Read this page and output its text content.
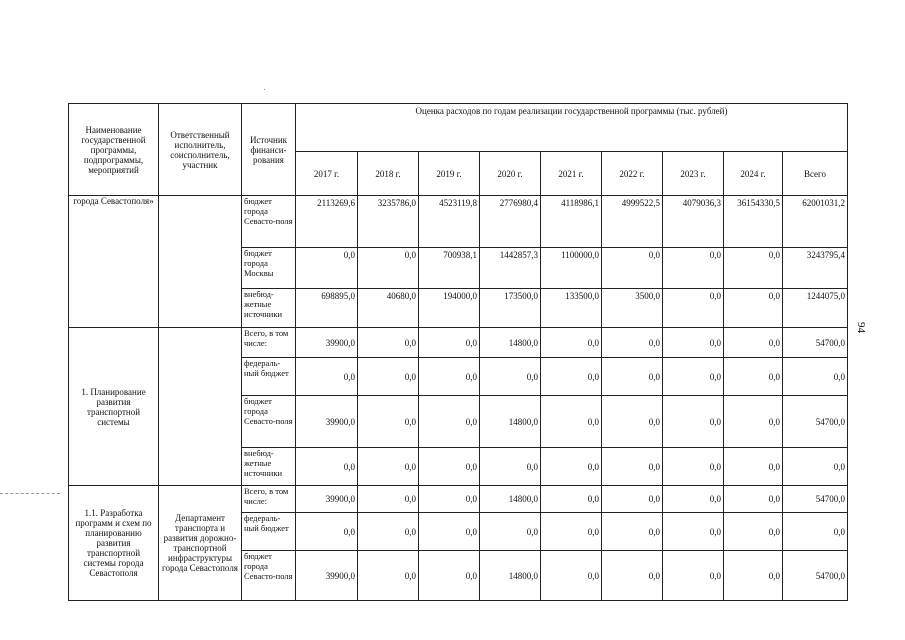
94
Наименование государственной программы, подпрограммы, мероприятий	Ответственный исполнитель, соисполнитель, участник	Источник финанси-рования	Оценка расходов по годам реализации государственной программы (тыс. рублей)								
			2017 г.	2018 г.	2019 г.	2020 г.	2021 г.	2022 г.	2023 г.	2024 г.	Всего
города Севастополя»		бюджет города Севасто-поля	2113269,6	3235786,0	4523119,8	2776980,4	4118986,1	4999522,5	4079036,3	36154330,5	62001031,2
		бюджет города Москвы	0,0	0,0	700938,1	1442857,3	1100000,0	0,0	0,0	0,0	3243795,4
		внебюд-жетные источники	698895,0	40680,0	194000,0	173500,0	133500,0	3500,0	0,0	0,0	1244075,0
1. Планирование развития транспортной системы		Всего, в том числе:	39900,0	0,0	0,0	14800,0	0,0	0,0	0,0	0,0	54700,0
		федераль-ный бюджет	0,0	0,0	0,0	0,0	0,0	0,0	0,0	0,0	0,0
		бюджет города Севасто-поля	39900,0	0,0	0,0	14800,0	0,0	0,0	0,0	0,0	54700,0
		внебюд-жетные источники	0,0	0,0	0,0	0,0	0,0	0,0	0,0	0,0	0,0
1.1. Разработка программ и схем по планированию развития транспортной системы города Севастополя	Департамент транспорта и развития дорожно-транспортной инфраструктуры города Севастополя	Всего, в том числе:	39900,0	0,0	0,0	14800,0	0,0	0,0	0,0	0,0	54700,0
		федераль-ный бюджет	0,0	0,0	0,0	0,0	0,0	0,0	0,0	0,0	0,0
		бюджет города Севасто-поля	39900,0	0,0	0,0	14800,0	0,0	0,0	0,0	0,0	54700,0
